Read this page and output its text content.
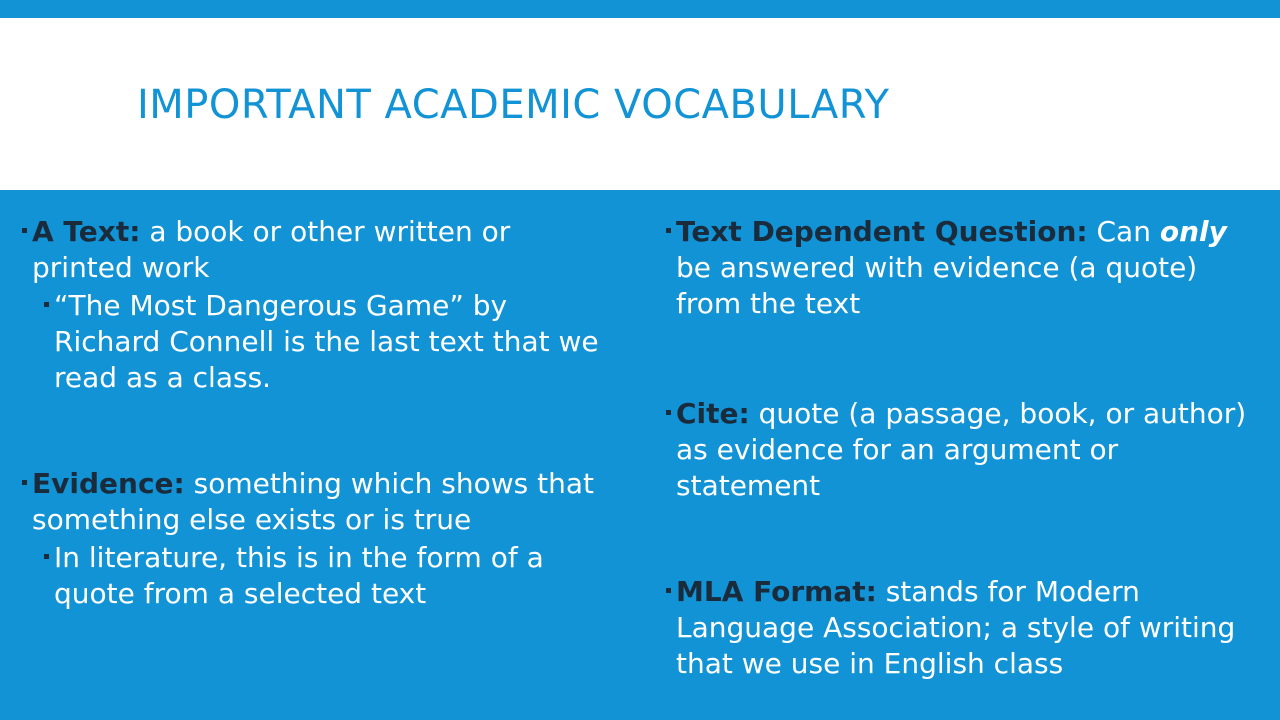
IMPORTANT ACADEMIC VOCABULARY
A Text: a book or other written or printed work
“The Most Dangerous Game” by Richard Connell is the last text that we read as a class.
Evidence: something which shows that something else exists or is true
In literature, this is in the form of a quote from a selected text
Text Dependent Question: Can only be answered with evidence (a quote) from the text
Cite: quote (a passage, book, or author) as evidence for an argument or statement
MLA Format: stands for Modern Language Association; a style of writing that we use in English class
